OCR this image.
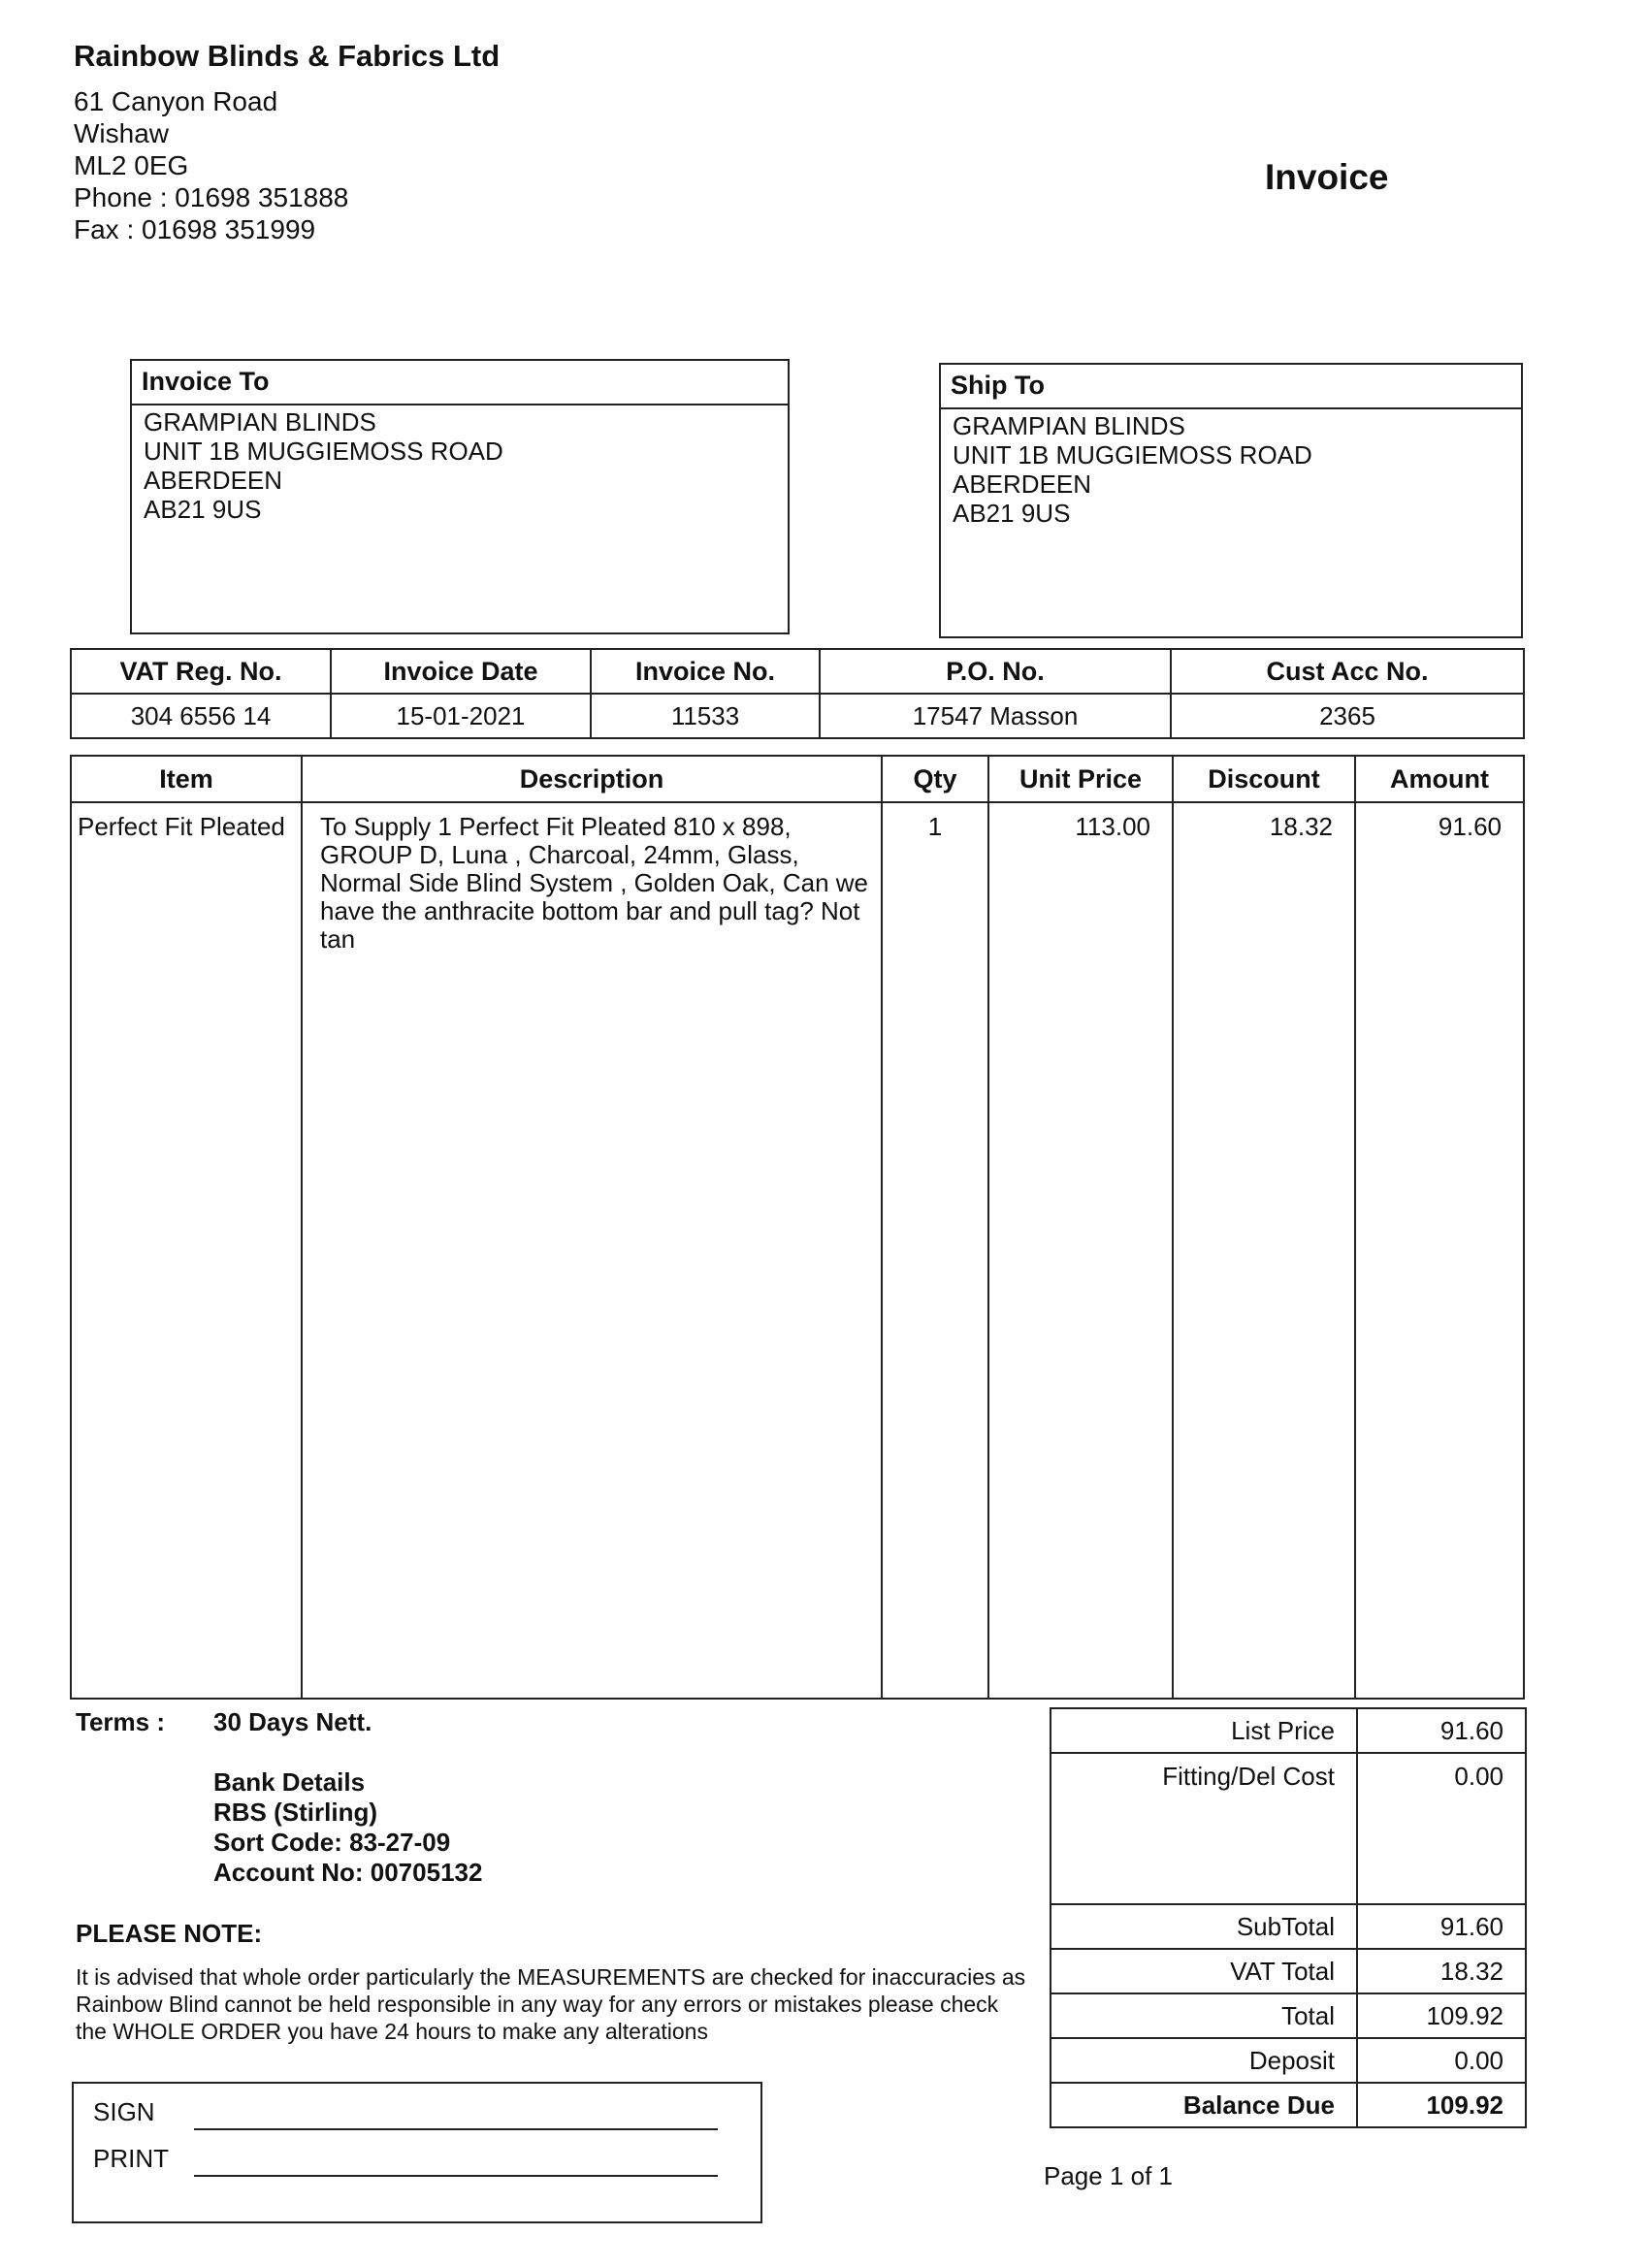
Rainbow Blinds & Fabrics Ltd
61 Canyon Road
Wishaw
ML2 0EG
Phone : 01698 351888
Fax : 01698 351999
Invoice
Invoice To
GRAMPIAN BLINDS
UNIT 1B MUGGIEMOSS ROAD
ABERDEEN
AB21 9US
Ship To
GRAMPIAN BLINDS
UNIT 1B MUGGIEMOSS ROAD
ABERDEEN
AB21 9US
VAT Reg. No.	Invoice Date	Invoice No.	P.O. No.	Cust Acc No.
304 6556 14	15-01-2021	11533	17547 Masson	2365
Item	Description	Qty	Unit Price	Discount	Amount
Perfect Fit Pleated	To Supply 1 Perfect Fit Pleated 810 x 898, GROUP D, Luna , Charcoal, 24mm, Glass, Normal Side Blind System , Golden Oak, Can we have the anthracite bottom bar and pull tag? Not tan	1	113.00	18.32	91.60
Terms : 30 Days Nett.
Bank Details
RBS (Stirling)
Sort Code: 83-27-09
Account No: 00705132
PLEASE NOTE:
It is advised that whole order particularly the MEASUREMENTS are checked for inaccuracies as Rainbow Blind cannot be held responsible in any way for any errors or mistakes please check the WHOLE ORDER you have 24 hours to make any alterations
SIGN
PRINT
List Price	91.60
Fitting/Del Cost	0.00
SubTotal	91.60
VAT Total	18.32
Total	109.92
Deposit	0.00
Balance Due	109.92
Page 1 of 1
